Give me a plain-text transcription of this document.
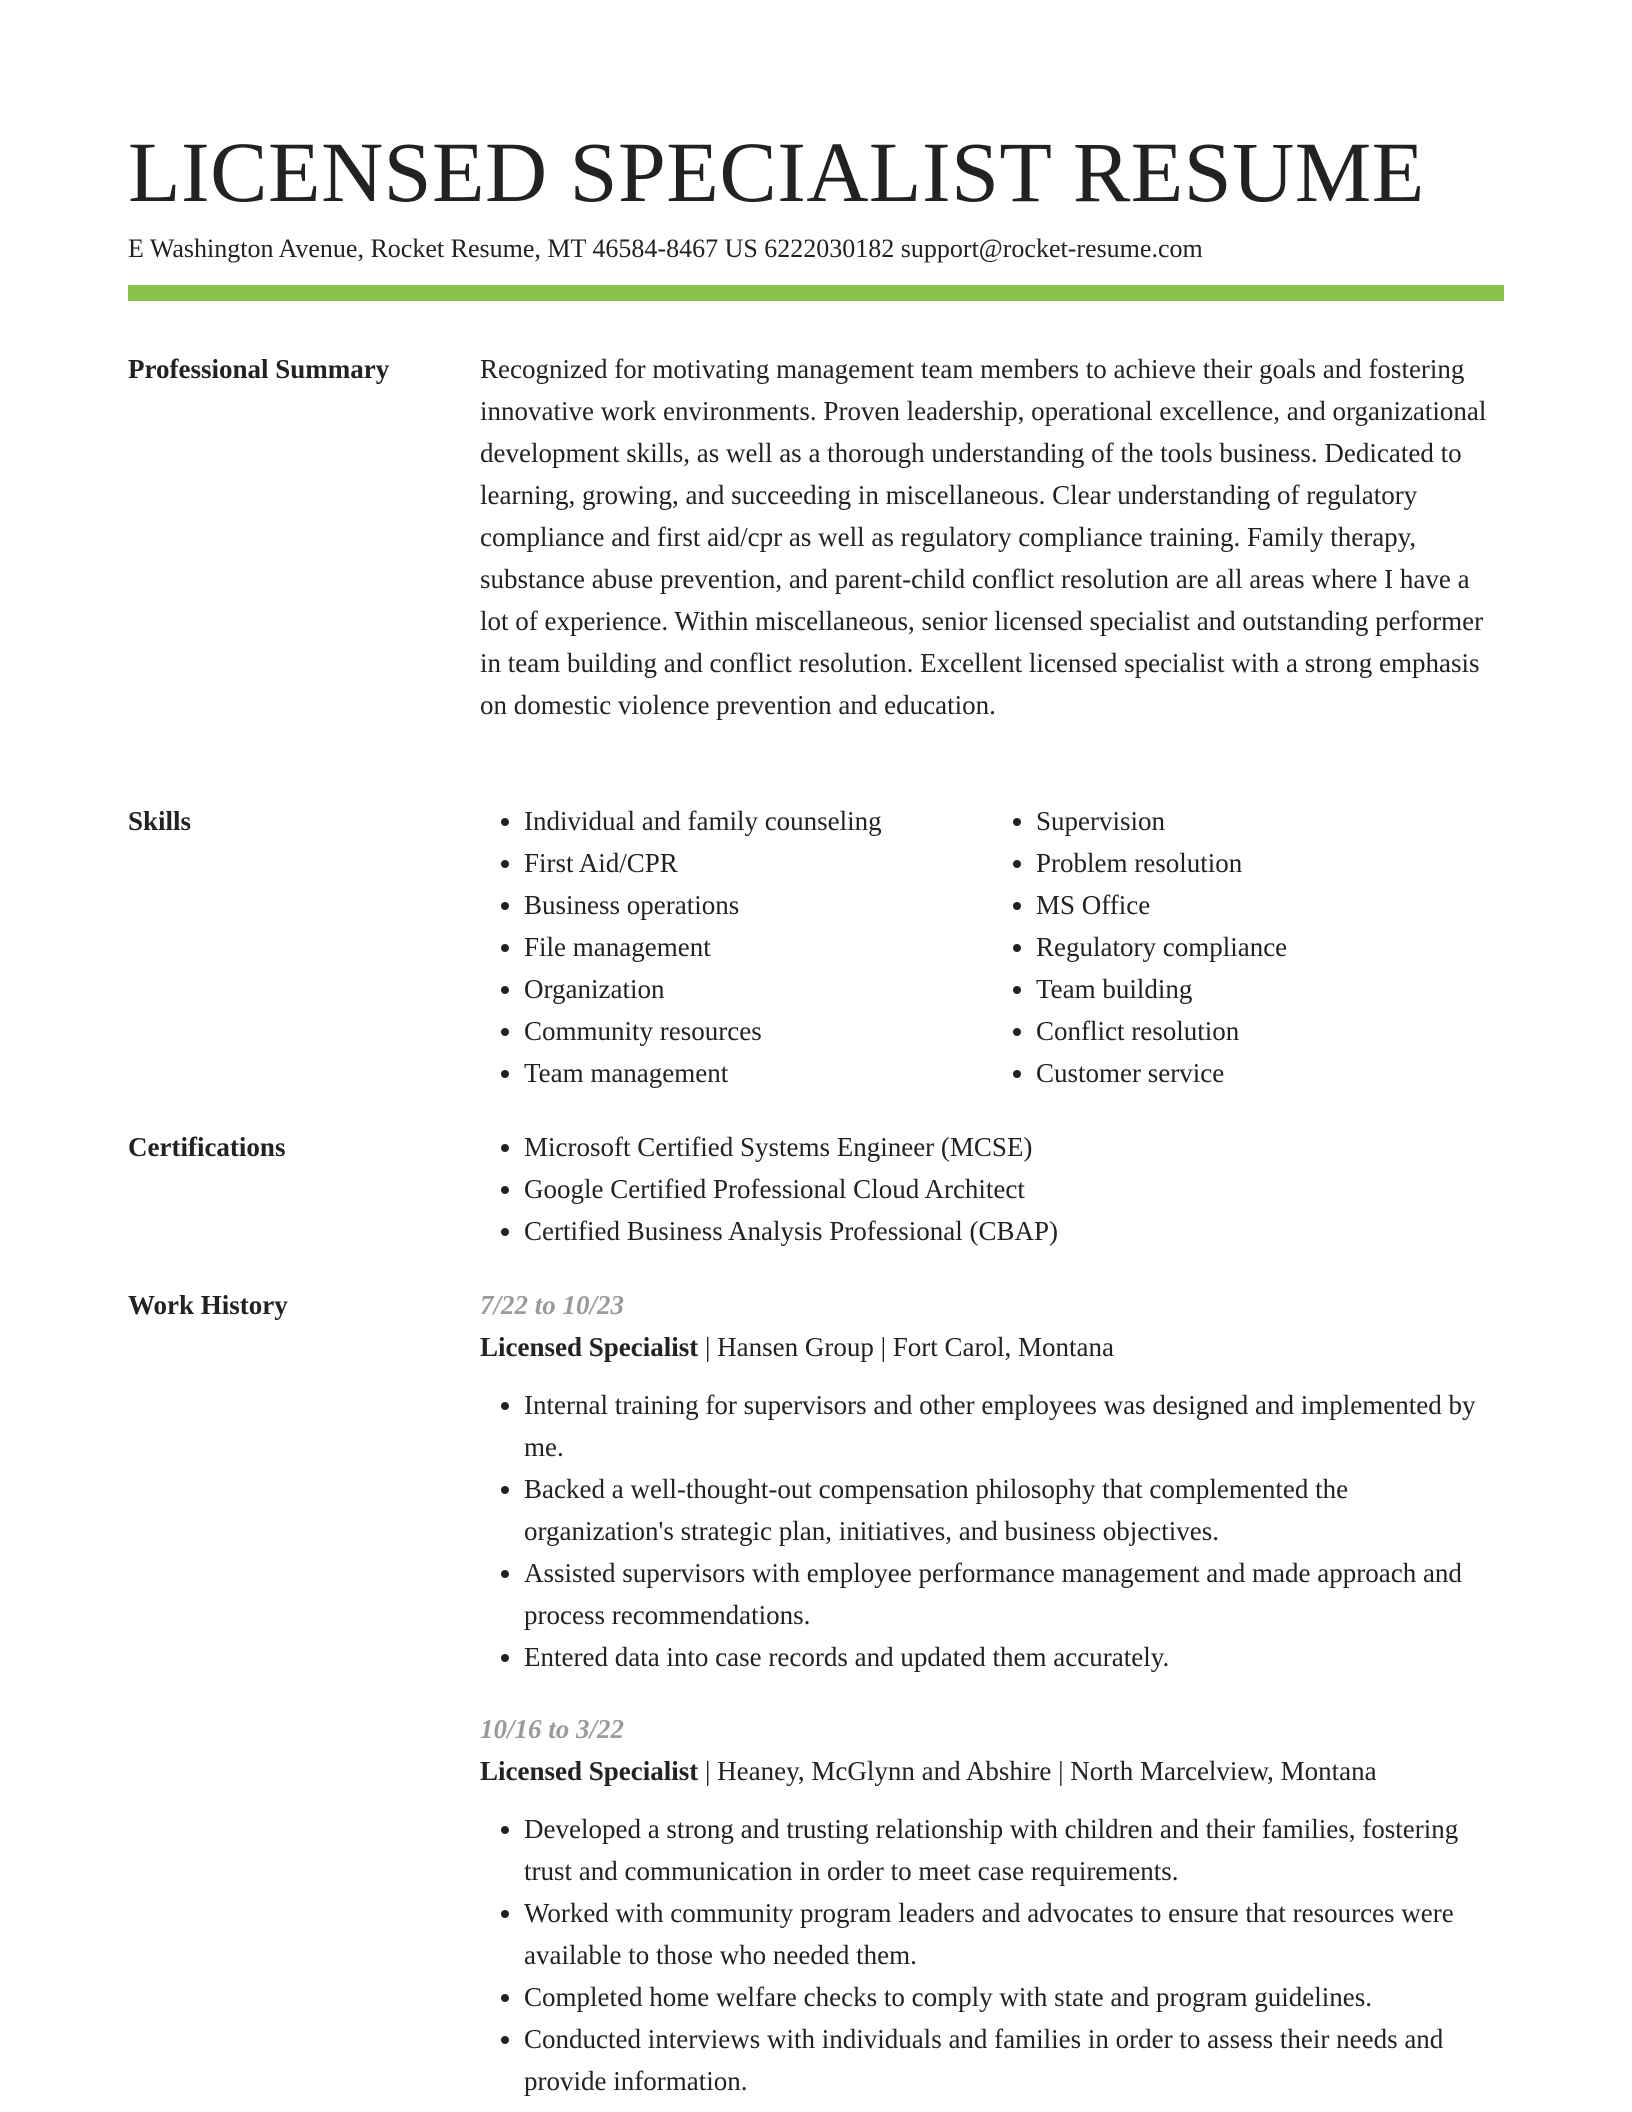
LICENSED SPECIALIST RESUME
E Washington Avenue, Rocket Resume, MT 46584-8467 US 6222030182 support@rocket-resume.com
Professional Summary	Recognized for motivating management team members to achieve their goals and fostering innovative work environments. Proven leadership, operational excellence, and organizational development skills, as well as a thorough understanding of the tools business. Dedicated to learning, growing, and succeeding in miscellaneous. Clear understanding of regulatory compliance and first aid/cpr as well as regulatory compliance training. Family therapy, substance abuse prevention, and parent-child conflict resolution are all areas where I have a lot of experience. Within miscellaneous, senior licensed specialist and outstanding performer in team building and conflict resolution. Excellent licensed specialist with a strong emphasis on domestic violence prevention and education.

Skills	• Individual and family counseling
• First Aid/CPR
• Business operations
• File management
• Organization
• Community resources
• Team management
• Supervision
• Problem resolution
• MS Office
• Regulatory compliance
• Team building
• Conflict resolution
• Customer service
Certifications	• Microsoft Certified Systems Engineer (MCSE)
• Google Certified Professional Cloud Architect
• Certified Business Analysis Professional (CBAP)
Work History	7/22 to 10/23
Licensed Specialist | Hansen Group | Fort Carol, Montana
• Internal training for supervisors and other employees was designed and implemented by me.
• Backed a well-thought-out compensation philosophy that complemented the organization's strategic plan, initiatives, and business objectives.
• Assisted supervisors with employee performance management and made approach and process recommendations.
• Entered data into case records and updated them accurately.
10/16 to 3/22
Licensed Specialist | Heaney, McGlynn and Abshire | North Marcelview, Montana
• Developed a strong and trusting relationship with children and their families, fostering trust and communication in order to meet case requirements.
• Worked with community program leaders and advocates to ensure that resources were available to those who needed them.
• Completed home welfare checks to comply with state and program guidelines.
• Conducted interviews with individuals and families in order to assess their needs and provide information.
